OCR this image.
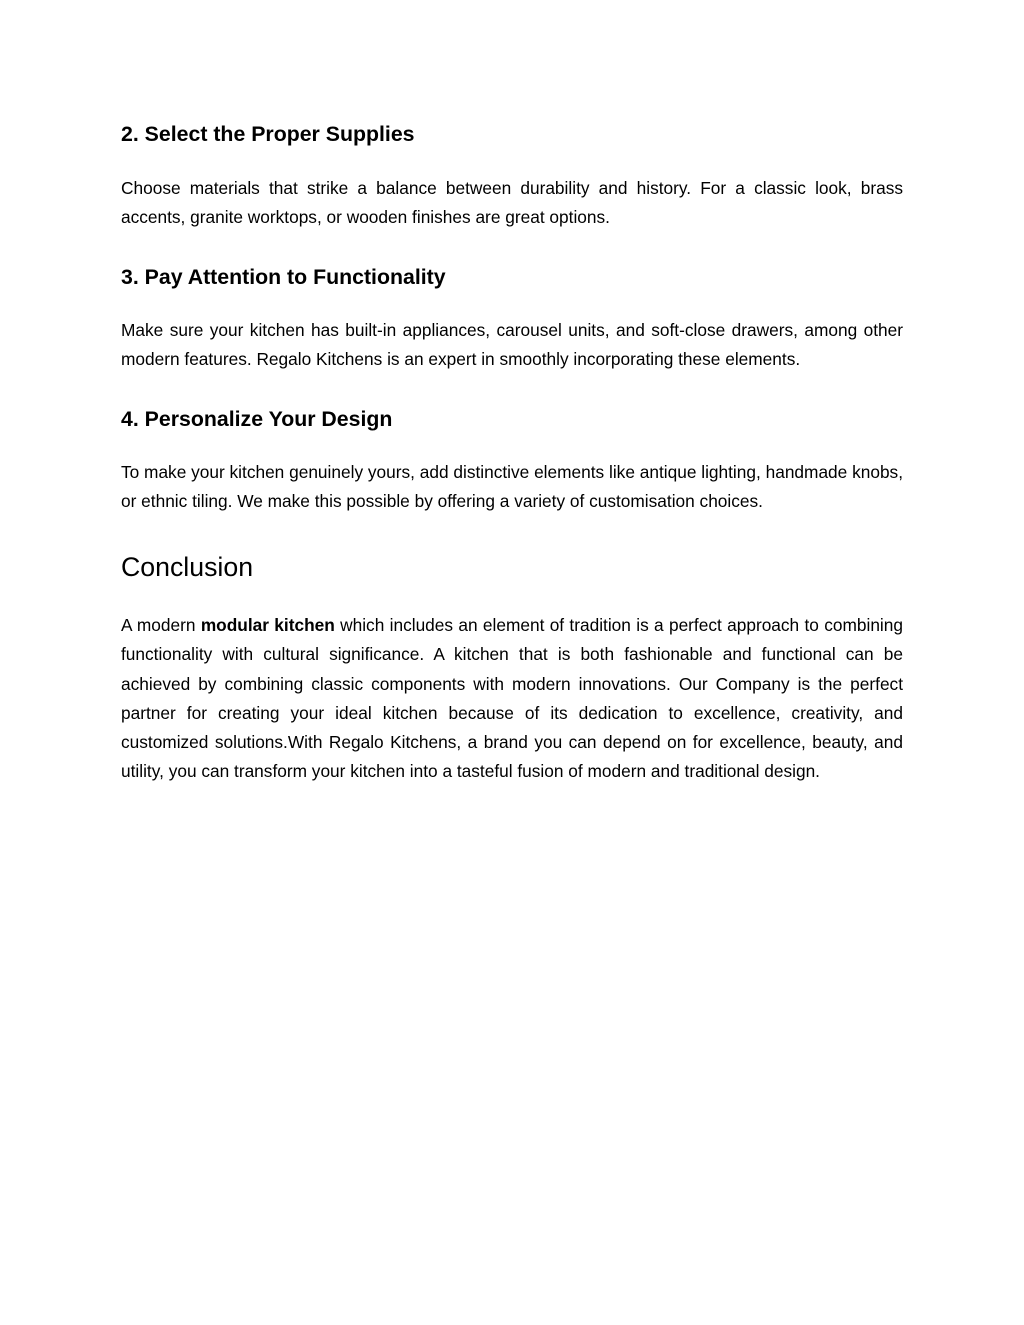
2. Select the Proper Supplies

Choose materials that strike a balance between durability and history. For a classic look, brass accents, granite worktops, or wooden finishes are great options.

3. Pay Attention to Functionality

Make sure your kitchen has built-in appliances, carousel units, and soft-close drawers, among other modern features. Regalo Kitchens is an expert in smoothly incorporating these elements.

4. Personalize Your Design

To make your kitchen genuinely yours, add distinctive elements like antique lighting, handmade knobs, or ethnic tiling. We make this possible by offering a variety of customisation choices.

Conclusion

A modern modular kitchen which includes an element of tradition is a perfect approach to combining functionality with cultural significance. A kitchen that is both fashionable and functional can be achieved by combining classic components with modern innovations. Our Company is the perfect partner for creating your ideal kitchen because of its dedication to excellence, creativity, and customized solutions.With Regalo Kitchens, a brand you can depend on for excellence, beauty, and utility, you can transform your kitchen into a tasteful fusion of modern and traditional design.
